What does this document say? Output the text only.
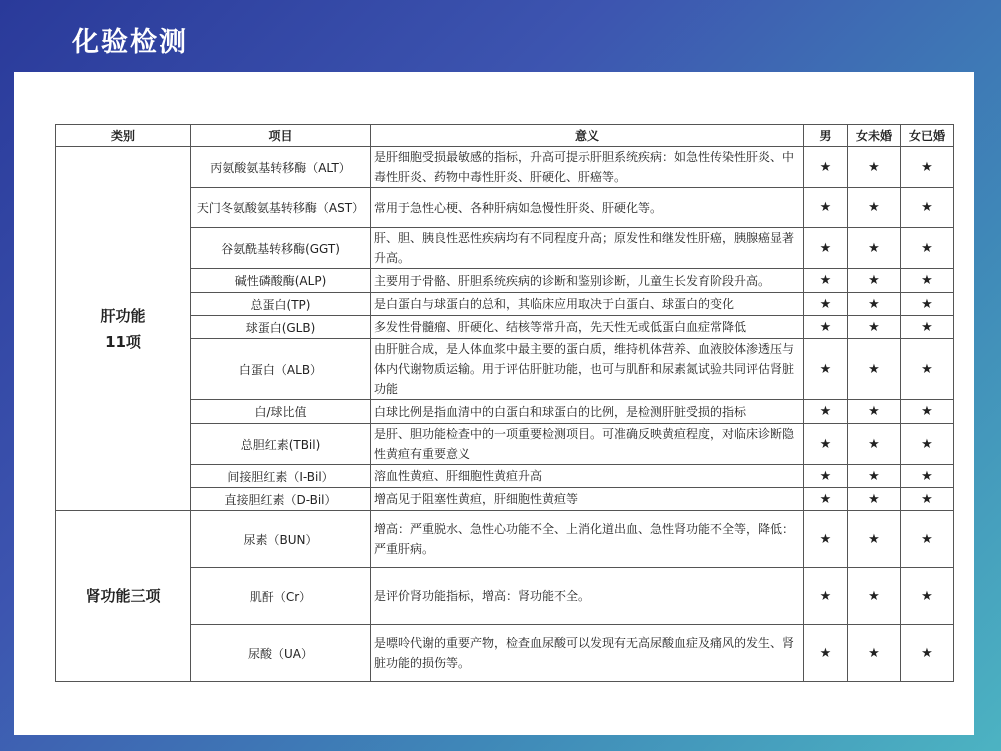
化验检测
类别	项目	意义	男	女未婚	女已婚

肝功能
11项	丙氨酸氨基转移酶（ALT）	是肝细胞受损最敏感的指标，升高可提示肝胆系统疾病：如急性传染性肝炎、中毒性肝炎、药物中毒性肝炎、肝硬化、肝癌等。	★	★	★
	天门冬氨酸氨基转移酶（AST）	常用于急性心梗、各种肝病如急慢性肝炎、肝硬化等。	★	★	★
	谷氨酰基转移酶(GGT)	肝、胆、胰良性恶性疾病均有不同程度升高；原发性和继发性肝癌，胰腺癌显著升高。	★	★	★
	碱性磷酸酶(ALP)	主要用于骨骼、肝胆系统疾病的诊断和鉴别诊断，儿童生长发育阶段升高。	★	★	★
	总蛋白(TP)	是白蛋白与球蛋白的总和，其临床应用取决于白蛋白、球蛋白的变化	★	★	★
	球蛋白(GLB)	多发性骨髓瘤、肝硬化、结核等常升高，先天性无或低蛋白血症常降低	★	★	★
	白蛋白（ALB）	由肝脏合成，是人体血浆中最主要的蛋白质，维持机体营养、血液胶体渗透压与体内代谢物质运输。用于评估肝脏功能，也可与肌酐和尿素氮试验共同评估肾脏功能	★	★	★
	白/球比值	白球比例是指血清中的白蛋白和球蛋白的比例，是检测肝脏受损的指标	★	★	★
	总胆红素(TBil)	是肝、胆功能检查中的一项重要检测项目。可准确反映黄疸程度，对临床诊断隐性黄疸有重要意义	★	★	★
	间接胆红素（I-Bil）	溶血性黄疸、肝细胞性黄疸升高	★	★	★
	直接胆红素（D-Bil）	增高见于阻塞性黄疸，肝细胞性黄疸等	★	★	★

肾功能三项	尿素（BUN）	增高：严重脱水、急性心功能不全、上消化道出血、急性肾功能不全等，降低：严重肝病。	★	★	★
	肌酐（Cr）	是评价肾功能指标，增高：肾功能不全。	★	★	★
	尿酸（UA）	是嘌呤代谢的重要产物，检查血尿酸可以发现有无高尿酸血症及痛风的发生、肾脏功能的损伤等。	★	★	★
